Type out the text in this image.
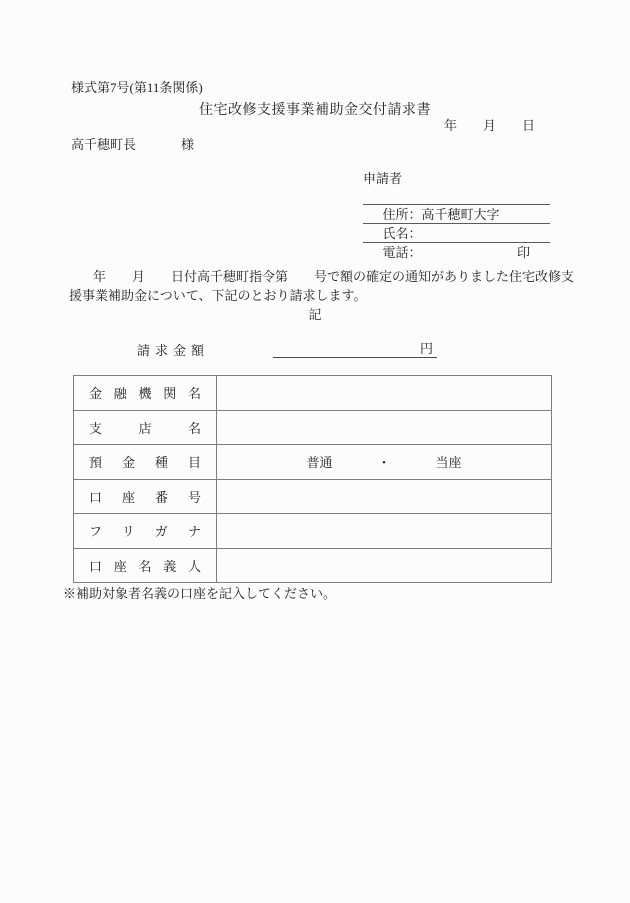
様式第7号(第11条関係)
住宅改修支援事業補助金交付請求書
年　　月　　日
高千穂町長	様
申請者

住所：高千穂町大字

氏名：

印

電話：

年　　月　　日付高千穂町指令第　　号で額の確定の通知がありました住宅改修支
援事業補助金について、下記のとおり請求します。
記
請求金額	円
金融機関名
支店名
預金種目	普通	・	当座
口座番号
フリガナ
口座名義人
※補助対象者名義の口座を記入してください。
